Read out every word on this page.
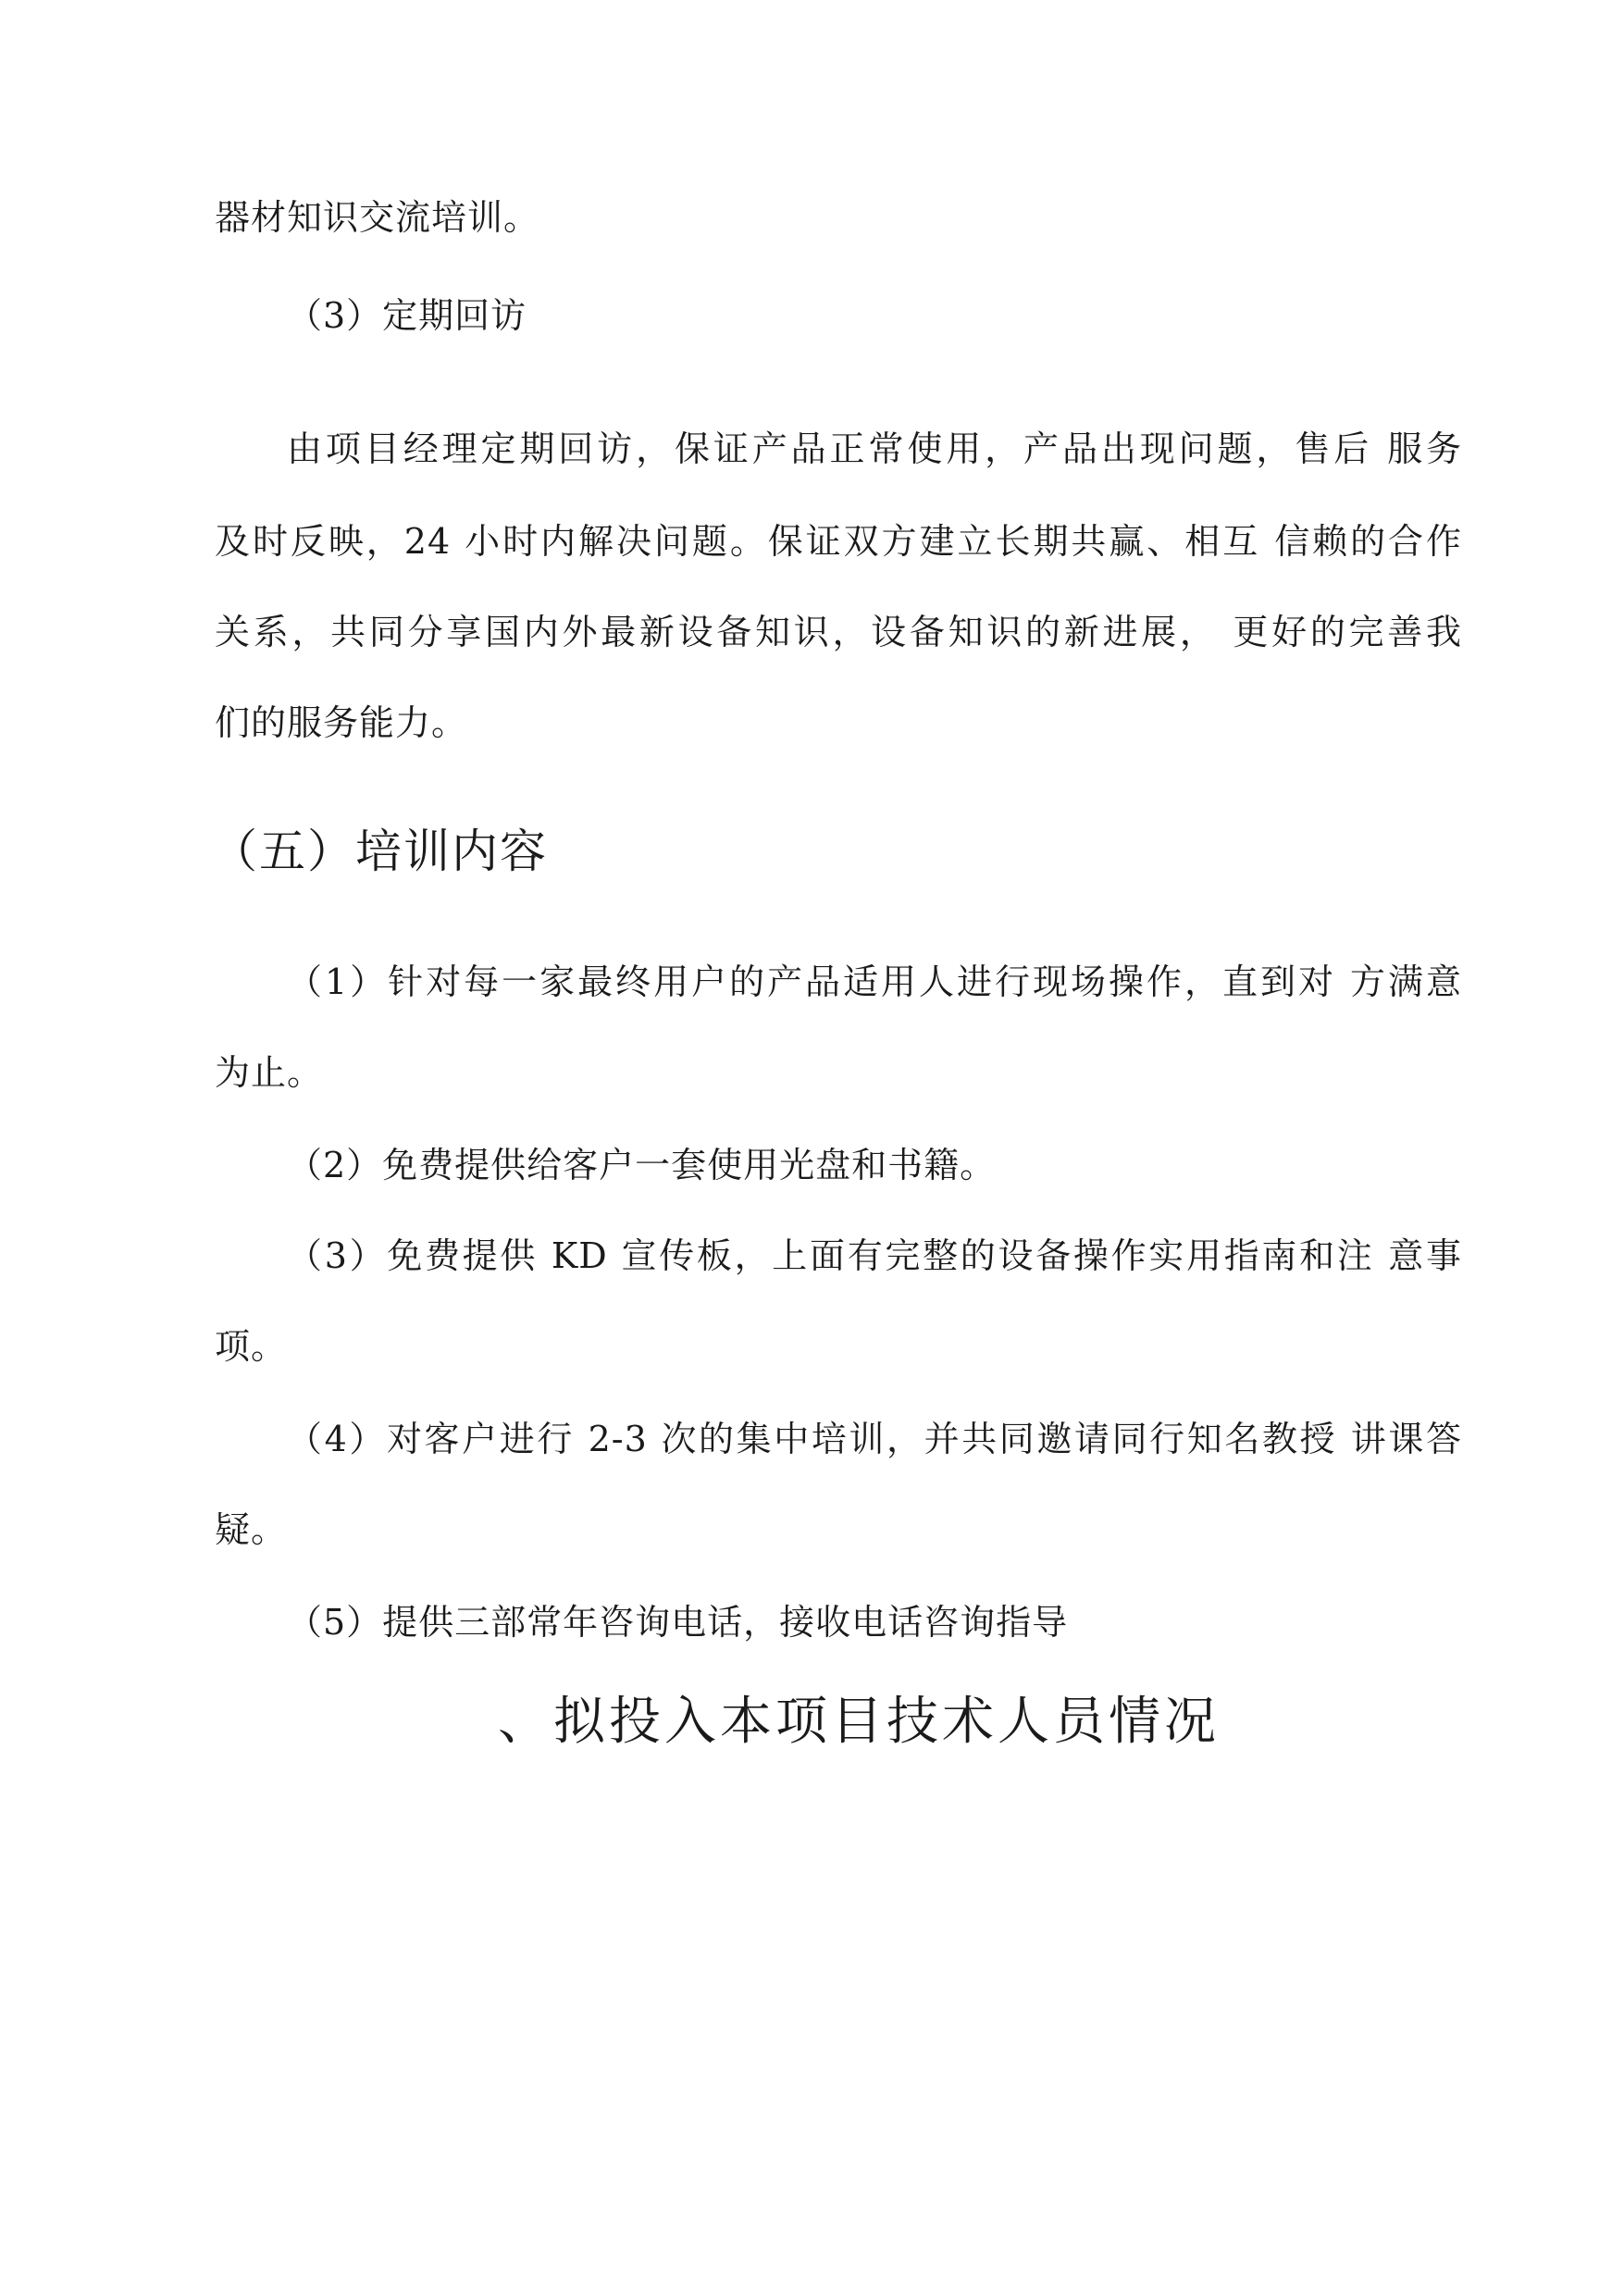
器材知识交流培训。
（3）定期回访
由项目经理定期回访，保证产品正常使用，产品出现问题，售后 服务
及时反映，24 小时内解决问题。保证双方建立长期共赢、相互 信赖的合作
关系，共同分享国内外最新设备知识，设备知识的新进展， 更好的完善我
们的服务能力。
（五）培训内容
（1）针对每一家最终用户的产品适用人进行现场操作，直到对 方满意
为止。
（2）免费提供给客户一套使用光盘和书籍。
（3）免费提供 KD 宣传板，上面有完整的设备操作实用指南和注 意事
项。
（4）对客户进行 2-3 次的集中培训，并共同邀请同行知名教授 讲课答
疑。
（5）提供三部常年咨询电话，接收电话咨询指导
、拟投入本项目技术人员情况
